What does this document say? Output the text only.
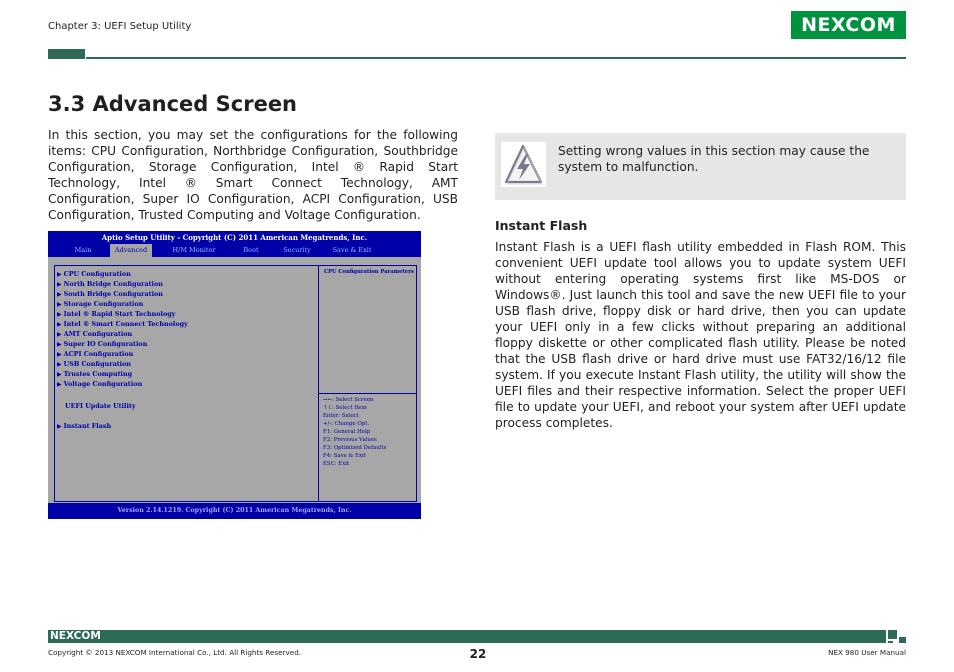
Chapter 3: UEFI Setup Utility	NEXCOM
3.3 Advanced Screen
In this section, you may set the configurations for the following items: CPU Configuration, Northbridge Configuration, Southbridge Configuration, Storage Configuration, Intel ® Rapid Start Technology, Intel ® Smart Connect Technology, AMT Configuration, Super IO Configuration, ACPI Configuration, USB Configuration, Trusted Computing and Voltage Configuration.
Aptio Setup Utility - Copyright (C) 2011 American Megatrends, Inc.
Main	Advanced	H/M Monitor	Boot	Security	Save & Exit
▶ CPU Configuration
▶ North Bridge Configuration
▶ South Bridge Configuration
▶ Storage Configuration
▶ Intel ® Rapid Start Technology
▶ Intel ® Smart Connect Technology
▶ AMT Configuration
▶ Super IO Configuration
▶ ACPI Configuration
▶ USB Configuration
▶ Trustes Computing
▶ Voltage Configuration
UEFI Update Utility
▶ Instant Flash
CPU Configuration Parameters
→←: Select Screen
↑↓: Select Item
Enter: Select
+/-: Change Opt.
F1: General Help
F2: Previous Values
F3: Optimized Defaults
F4: Save & Exit
ESC: Exit
Version 2.14.1219. Copyright (C) 2011 American Megatrends, Inc.
Setting wrong values in this section may cause the system to malfunction.
Instant Flash
Instant Flash is a UEFI flash utility embedded in Flash ROM. This convenient UEFI update tool allows you to update system UEFI without entering operating systems first like MS-DOS or Windows®. Just launch this tool and save the new UEFI file to your USB flash drive, floppy disk or hard drive, then you can update your UEFI only in a few clicks without preparing an additional floppy diskette or other complicated flash utility. Please be noted that the USB flash drive or hard drive must use FAT32/16/12 file system. If you execute Instant Flash utility, the utility will show the UEFI files and their respective information. Select the proper UEFI file to update your UEFI, and reboot your system after UEFI update process completes.
NEXCOM
Copyright © 2013 NEXCOM International Co., Ltd. All Rights Reserved.	22	NEX 980 User Manual
